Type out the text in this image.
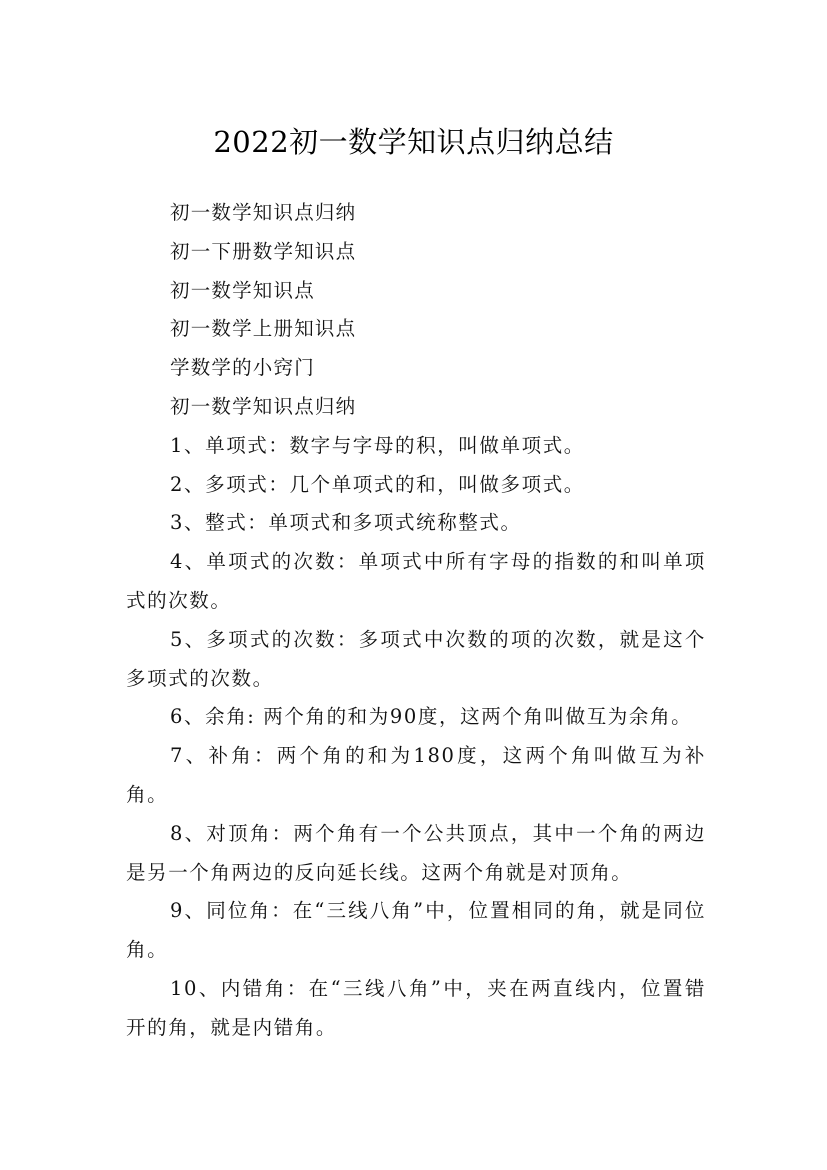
2022初一数学知识点归纳总结

初一数学知识点归纳

初一下册数学知识点

初一数学知识点

初一数学上册知识点

学数学的小窍门

初一数学知识点归纳

1、单项式：数字与字母的积，叫做单项式。

2、多项式：几个单项式的和，叫做多项式。

3、整式：单项式和多项式统称整式。

4、单项式的次数：单项式中所有字母的指数的和叫单项式的次数。

5、多项式的次数：多项式中次数的项的次数，就是这个多项式的次数。

6、余角: 两个角的和为90度，这两个角叫做互为余角。

7、补角：两个角的和为180度，这两个角叫做互为补角。

8、对顶角：两个角有一个公共顶点，其中一个角的两边是另一个角两边的反向延长线。这两个角就是对顶角。

9、同位角：在“三线八角”中，位置相同的角，就是同位角。

10、内错角：在“三线八角”中，夹在两直线内，位置错开的角，就是内错角。
